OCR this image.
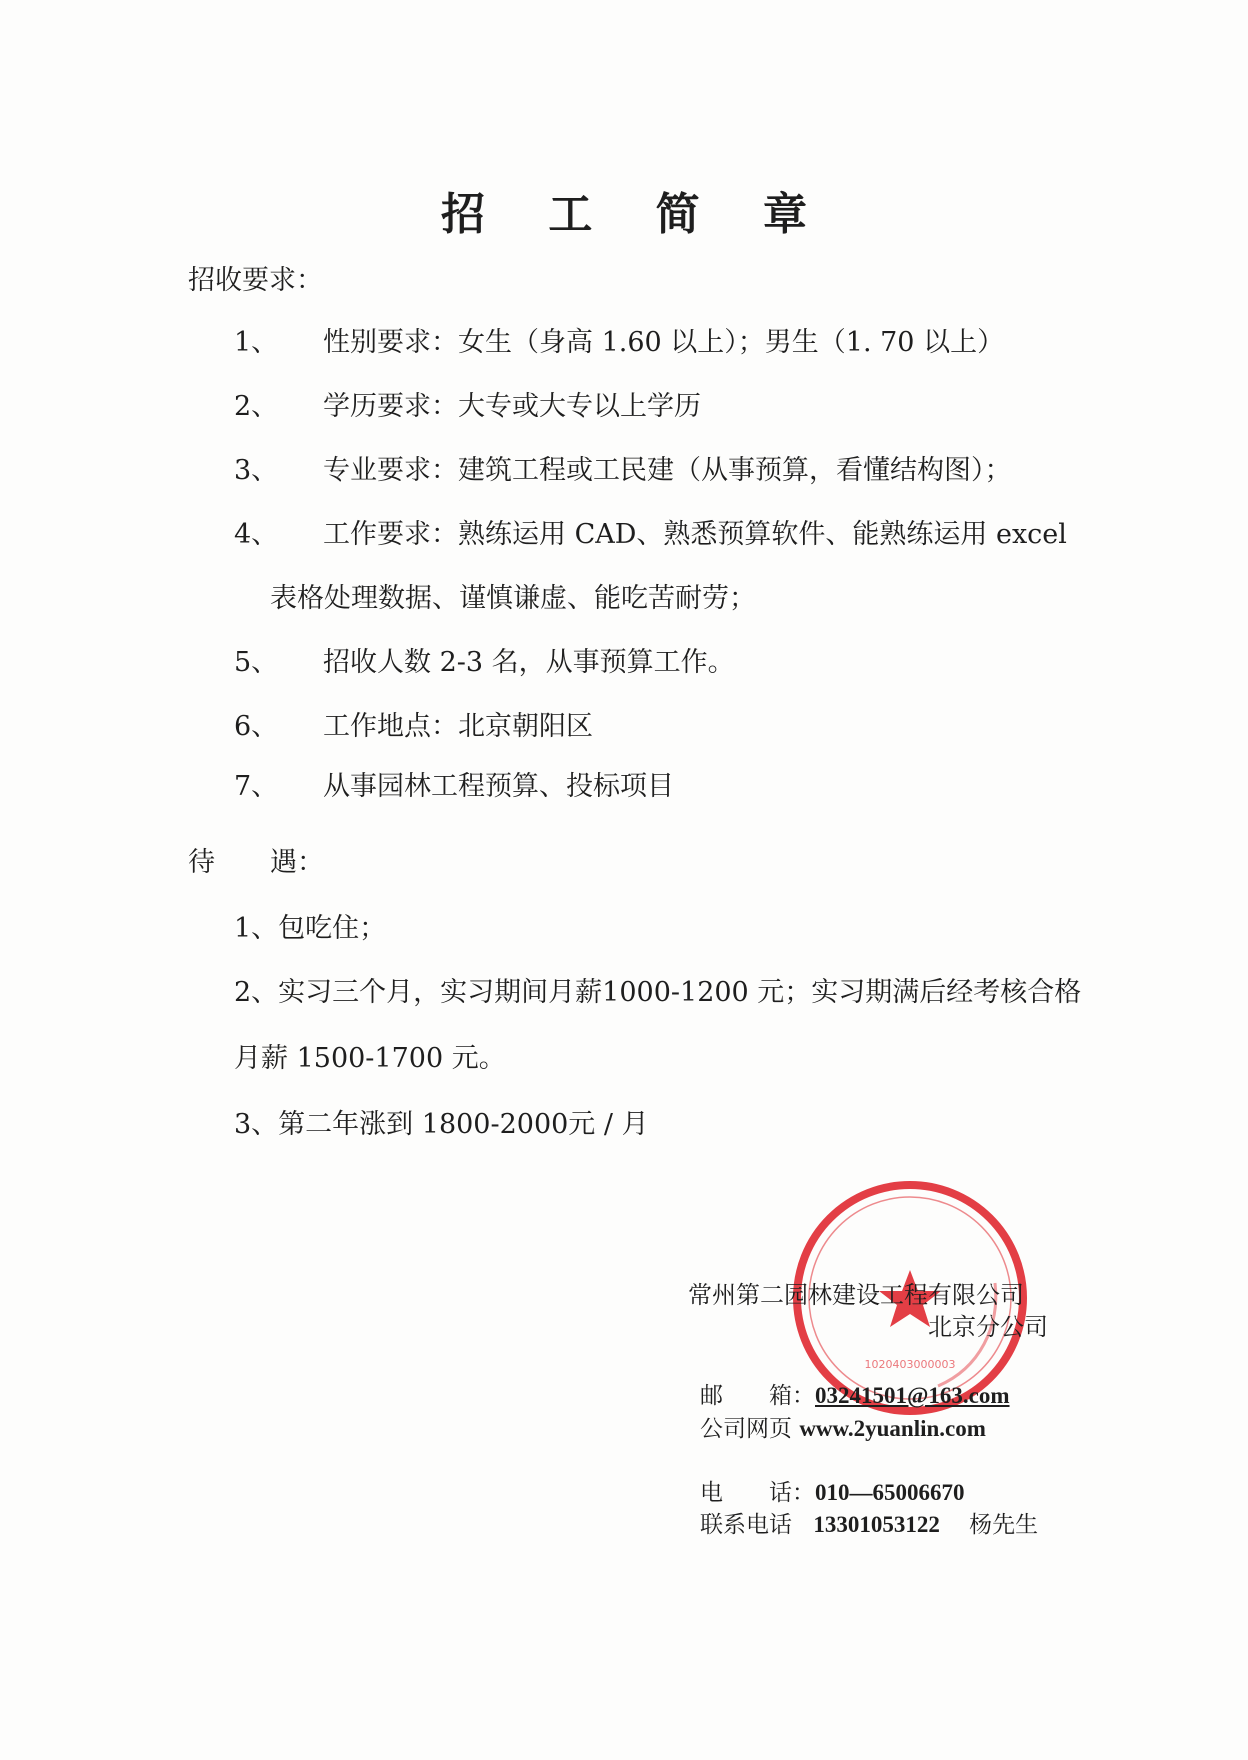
招 工 简 章
招收要求：
1、 性别要求：女生（身高 1.60 以上）；男生（1. 70 以上）
2、 学历要求：大专或大专以上学历
3、 专业要求：建筑工程或工民建（从事预算，看懂结构图）；
4、 工作要求：熟练运用 CAD、熟悉预算软件、能熟练运用 excel
表格处理数据、谨慎谦虚、能吃苦耐劳；
5、 招收人数 2-3 名，从事预算工作。
6、 工作地点：北京朝阳区
7、 从事园林工程预算、投标项目
待 遇：
1、包吃住；
2、实习三个月，实习期间月薪1000-1200 元；实习期满后经考核合格
月薪 1500-1700 元。
3、第二年涨到 1800-2000元 / 月
1020403000003
常州第二园林建设工程有限公司
北京分公司
邮　　箱：03241501@163.com
公司网页 www.2yuanlin.com
电　　话：010—65006670
联系电话 13301053122 杨先生
